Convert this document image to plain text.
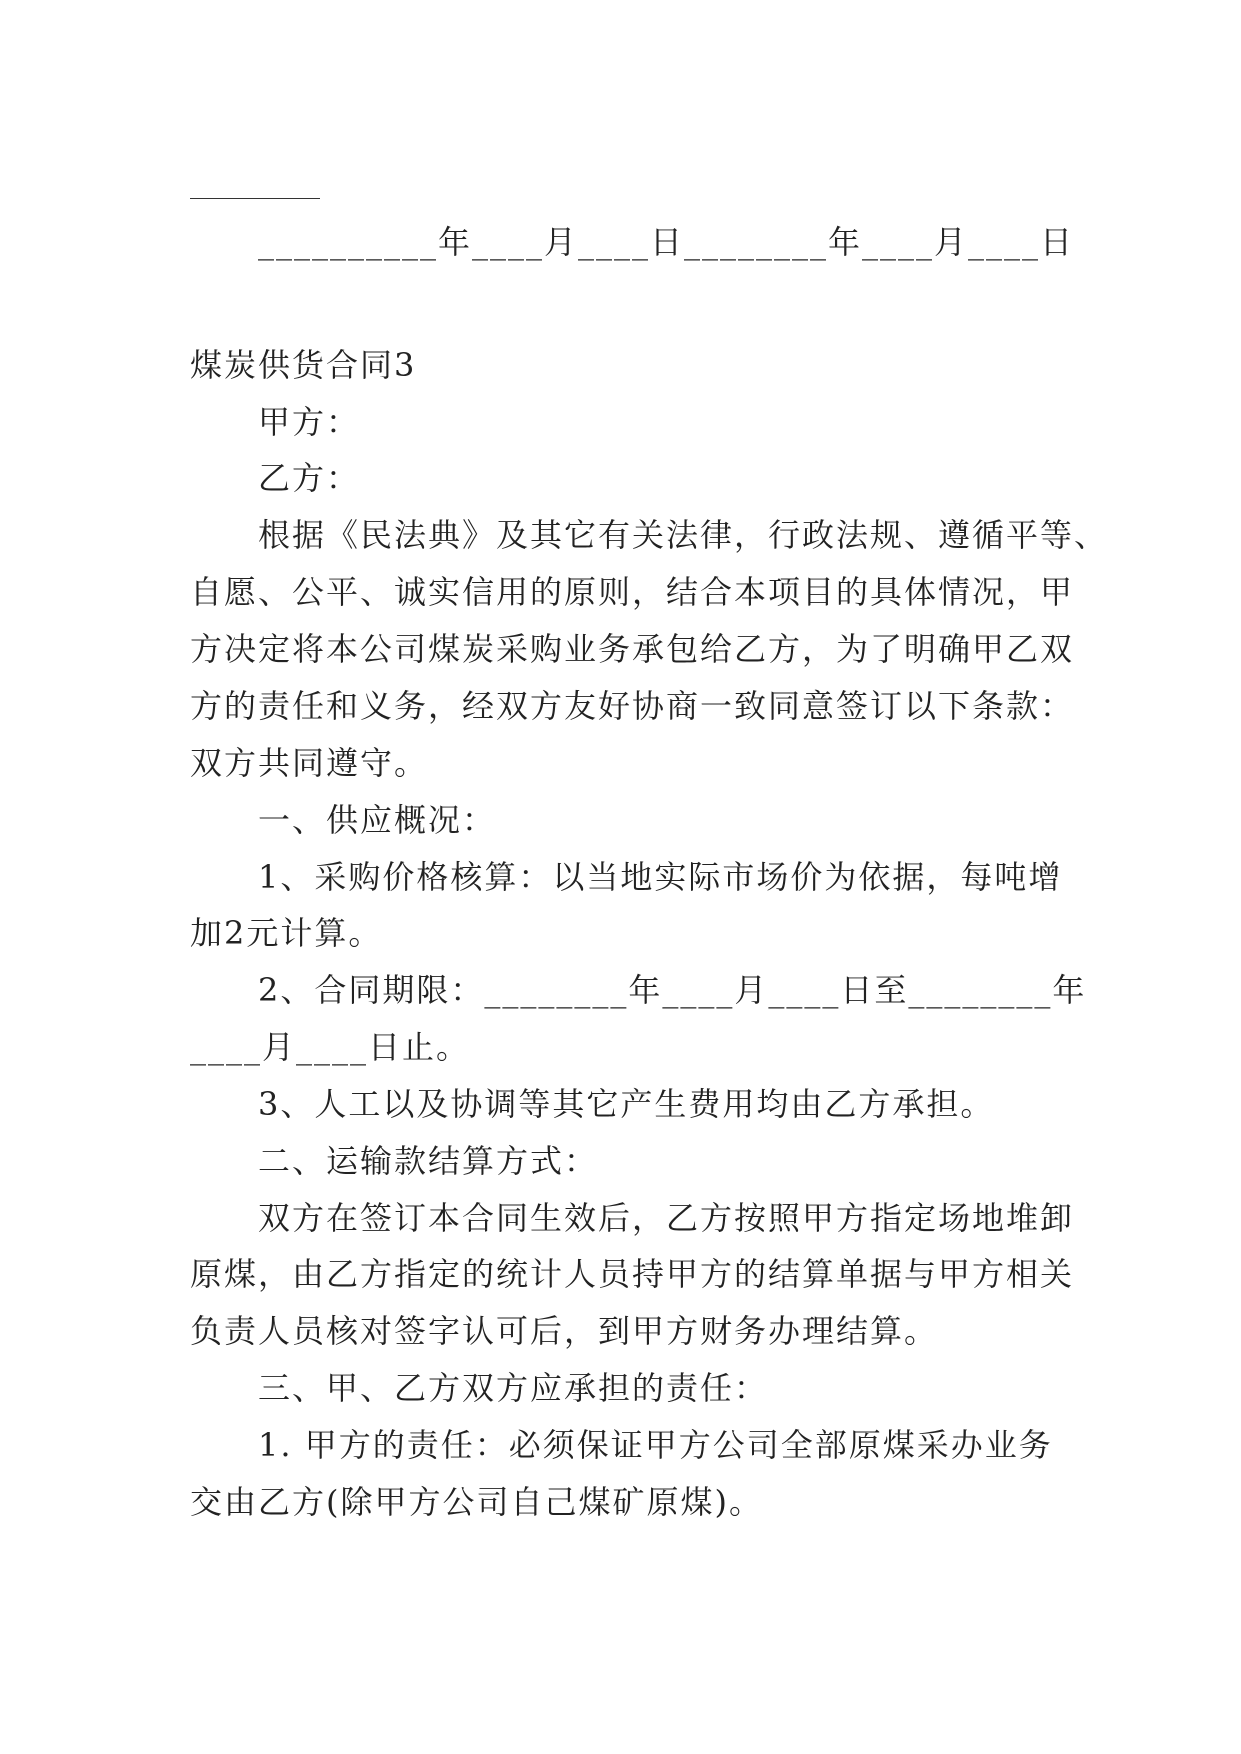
__________年____月____日________年____月____日
煤炭供货合同3
甲方：
乙方：
根据《民法典》及其它有关法律，行政法规、遵循平等、
自愿、公平、诚实信用的原则，结合本项目的具体情况，甲
方决定将本公司煤炭采购业务承包给乙方，为了明确甲乙双
方的责任和义务，经双方友好协商一致同意签订以下条款：
双方共同遵守。
一、供应概况：
1、采购价格核算：以当地实际市场价为依据，每吨增
加2元计算。
2、合同期限：________年____月____日至________年
____月____日止。
3、人工以及协调等其它产生费用均由乙方承担。
二、运输款结算方式：
双方在签订本合同生效后，乙方按照甲方指定场地堆卸
原煤，由乙方指定的统计人员持甲方的结算单据与甲方相关
负责人员核对签字认可后，到甲方财务办理结算。
三、甲、乙方双方应承担的责任：
1. 甲方的责任：必须保证甲方公司全部原煤采办业务
交由乙方(除甲方公司自己煤矿原煤)。
